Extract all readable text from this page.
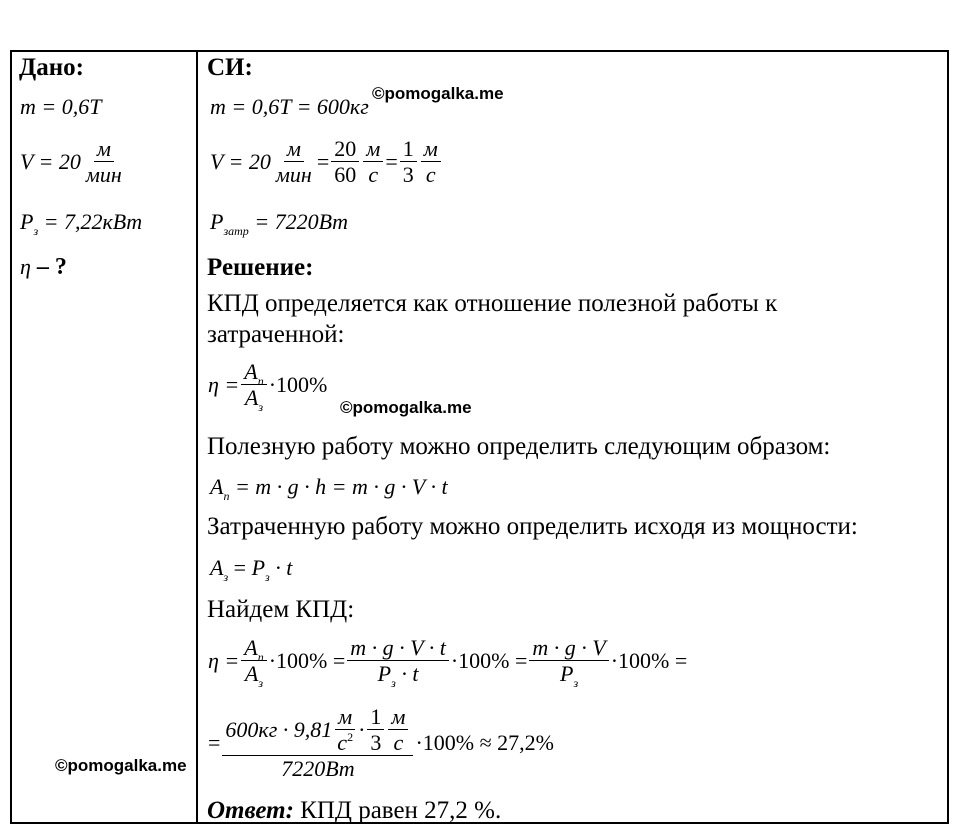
Дано:
m = 0,6T
$V = 20 \frac{м}{\text{мин}}$
$P_з = 7,22кBт$
η – ?
СИ:
m = 0,6T = 600кг
$V = 20 \frac{м}{\text{мин}} = \frac{20}{60} \frac{м}{с} = \frac{1}{3} \frac{м}{с}$
$P_{затр} = 7220Bт$
Решение:
КПД определяется как отношение полезной работы к
затраченной:
$\eta = \frac{A_п}{A_з} \cdot 100\%$
Полезную работу можно определить следующим образом:
$A_п = m \cdot g \cdot h = m \cdot g \cdot V \cdot t$
Затраченную работу можно определить исходя из мощности:
$A_з = P_з \cdot t$
Найдем КПД:
$\eta = \frac{A_п}{A_з} \cdot 100\% = \frac{m \cdot g \cdot V \cdot t}{P_з \cdot t} \cdot 100\% = \frac{m \cdot g \cdot V}{P_з} \cdot 100\%$ =
=
$600кг \cdot 9,81 \frac{м}{с^2} \cdot \frac{1}{3} \frac{м}{с}$
7220Bт
·100% ≈ 27,2%
Ответ: КПД равен 27,2 %.
©pomogalka.me
©pomogalka.me
©pomogalka.me
